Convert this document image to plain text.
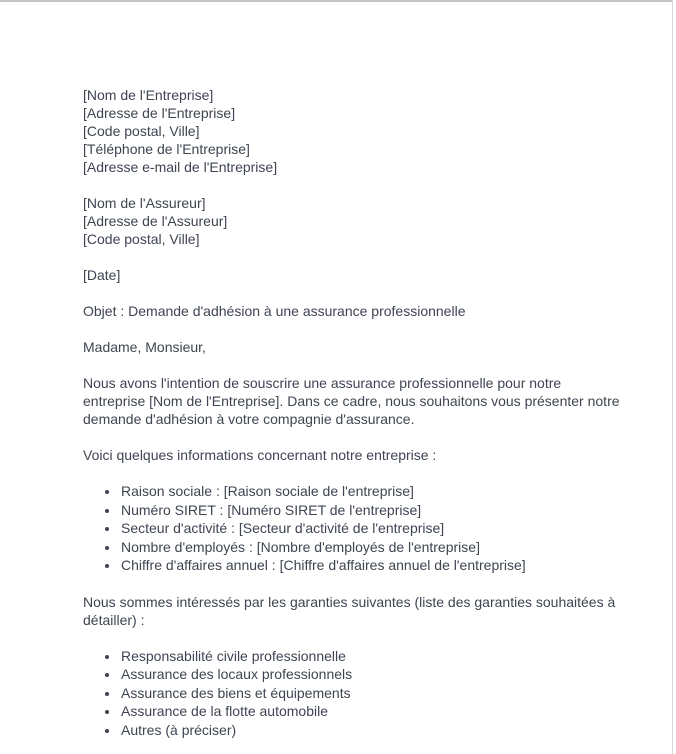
[Nom de l'Entreprise]

[Adresse de l'Entreprise]

[Code postal, Ville]

[Téléphone de l'Entreprise]

[Adresse e-mail de l'Entreprise]

[Nom de l'Assureur]

[Adresse de l'Assureur]

[Code postal, Ville]

[Date]

Objet : Demande d'adhésion à une assurance professionnelle

Madame, Monsieur,

Nous avons l'intention de souscrire une assurance professionnelle pour notre entreprise [Nom de l'Entreprise]. Dans ce cadre, nous souhaitons vous présenter notre demande d'adhésion à votre compagnie d'assurance.

Voici quelques informations concernant notre entreprise :

• Raison sociale : [Raison sociale de l'entreprise]
• Numéro SIRET : [Numéro SIRET de l'entreprise]
• Secteur d'activité : [Secteur d'activité de l'entreprise]
• Nombre d'employés : [Nombre d'employés de l'entreprise]
• Chiffre d'affaires annuel : [Chiffre d'affaires annuel de l'entreprise]

Nous sommes intéressés par les garanties suivantes (liste des garanties souhaitées à détailler) :

• Responsabilité civile professionnelle
• Assurance des locaux professionnels
• Assurance des biens et équipements
• Assurance de la flotte automobile
• Autres (à préciser)
